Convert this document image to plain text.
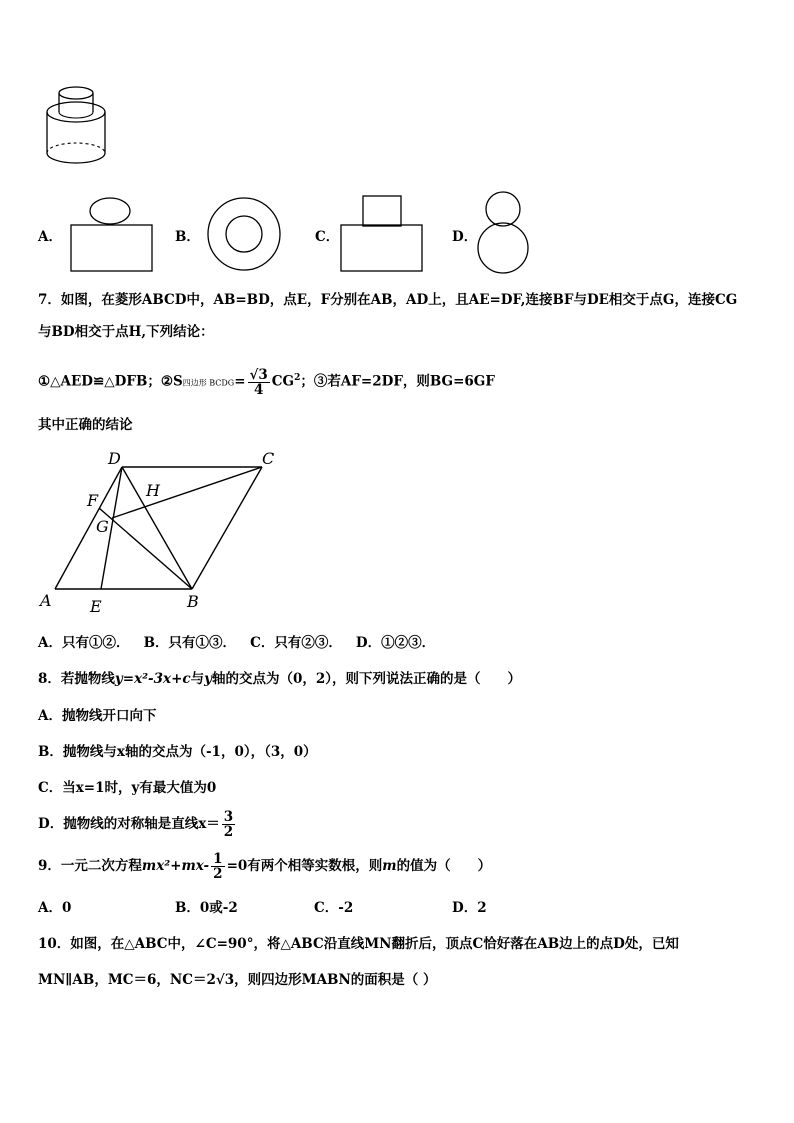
A．	B．	C．	D．
7．如图，在菱形ABCD中，AB=BD，点E，F分别在AB，AD上，且AE=DF,连接BF与DE相交于点G，连接CG
与BD相交于点H,下列结论：
①△AED≌△DFB；②S四边形 BCDG= $\frac{√3}{4} CG^2$；③若AF=2DF，则BG=6GF
其中正确的结论
D	C
F
H
G
A E	B
A．只有①②．   B．只有①③．   C．只有②③．   D．①②③．
8．若抛物线y=x²-3x+c与y轴的交点为（0，2），则下列说法正确的是（　　）
A．抛物线开口向下
B．抛物线与x轴的交点为（-1，0），（3，0）
C．当x=1时，y有最大值为0
D．抛物线的对称轴是直线$x= \frac{3}{2}$
9．一元二次方程$mx^2+mx- \frac{1}{2} =0$有两个相等实数根，则m的值为（　　）
A．0	B．0或-2	C．-2	D．2
10．如图，在△ABC中，∠C=90°，将△ABC沿直线MN翻折后，顶点C恰好落在AB边上的点D处，已知
MN∥AB，MC＝6，NC＝2√3，则四边形MABN的面积是（ ）
